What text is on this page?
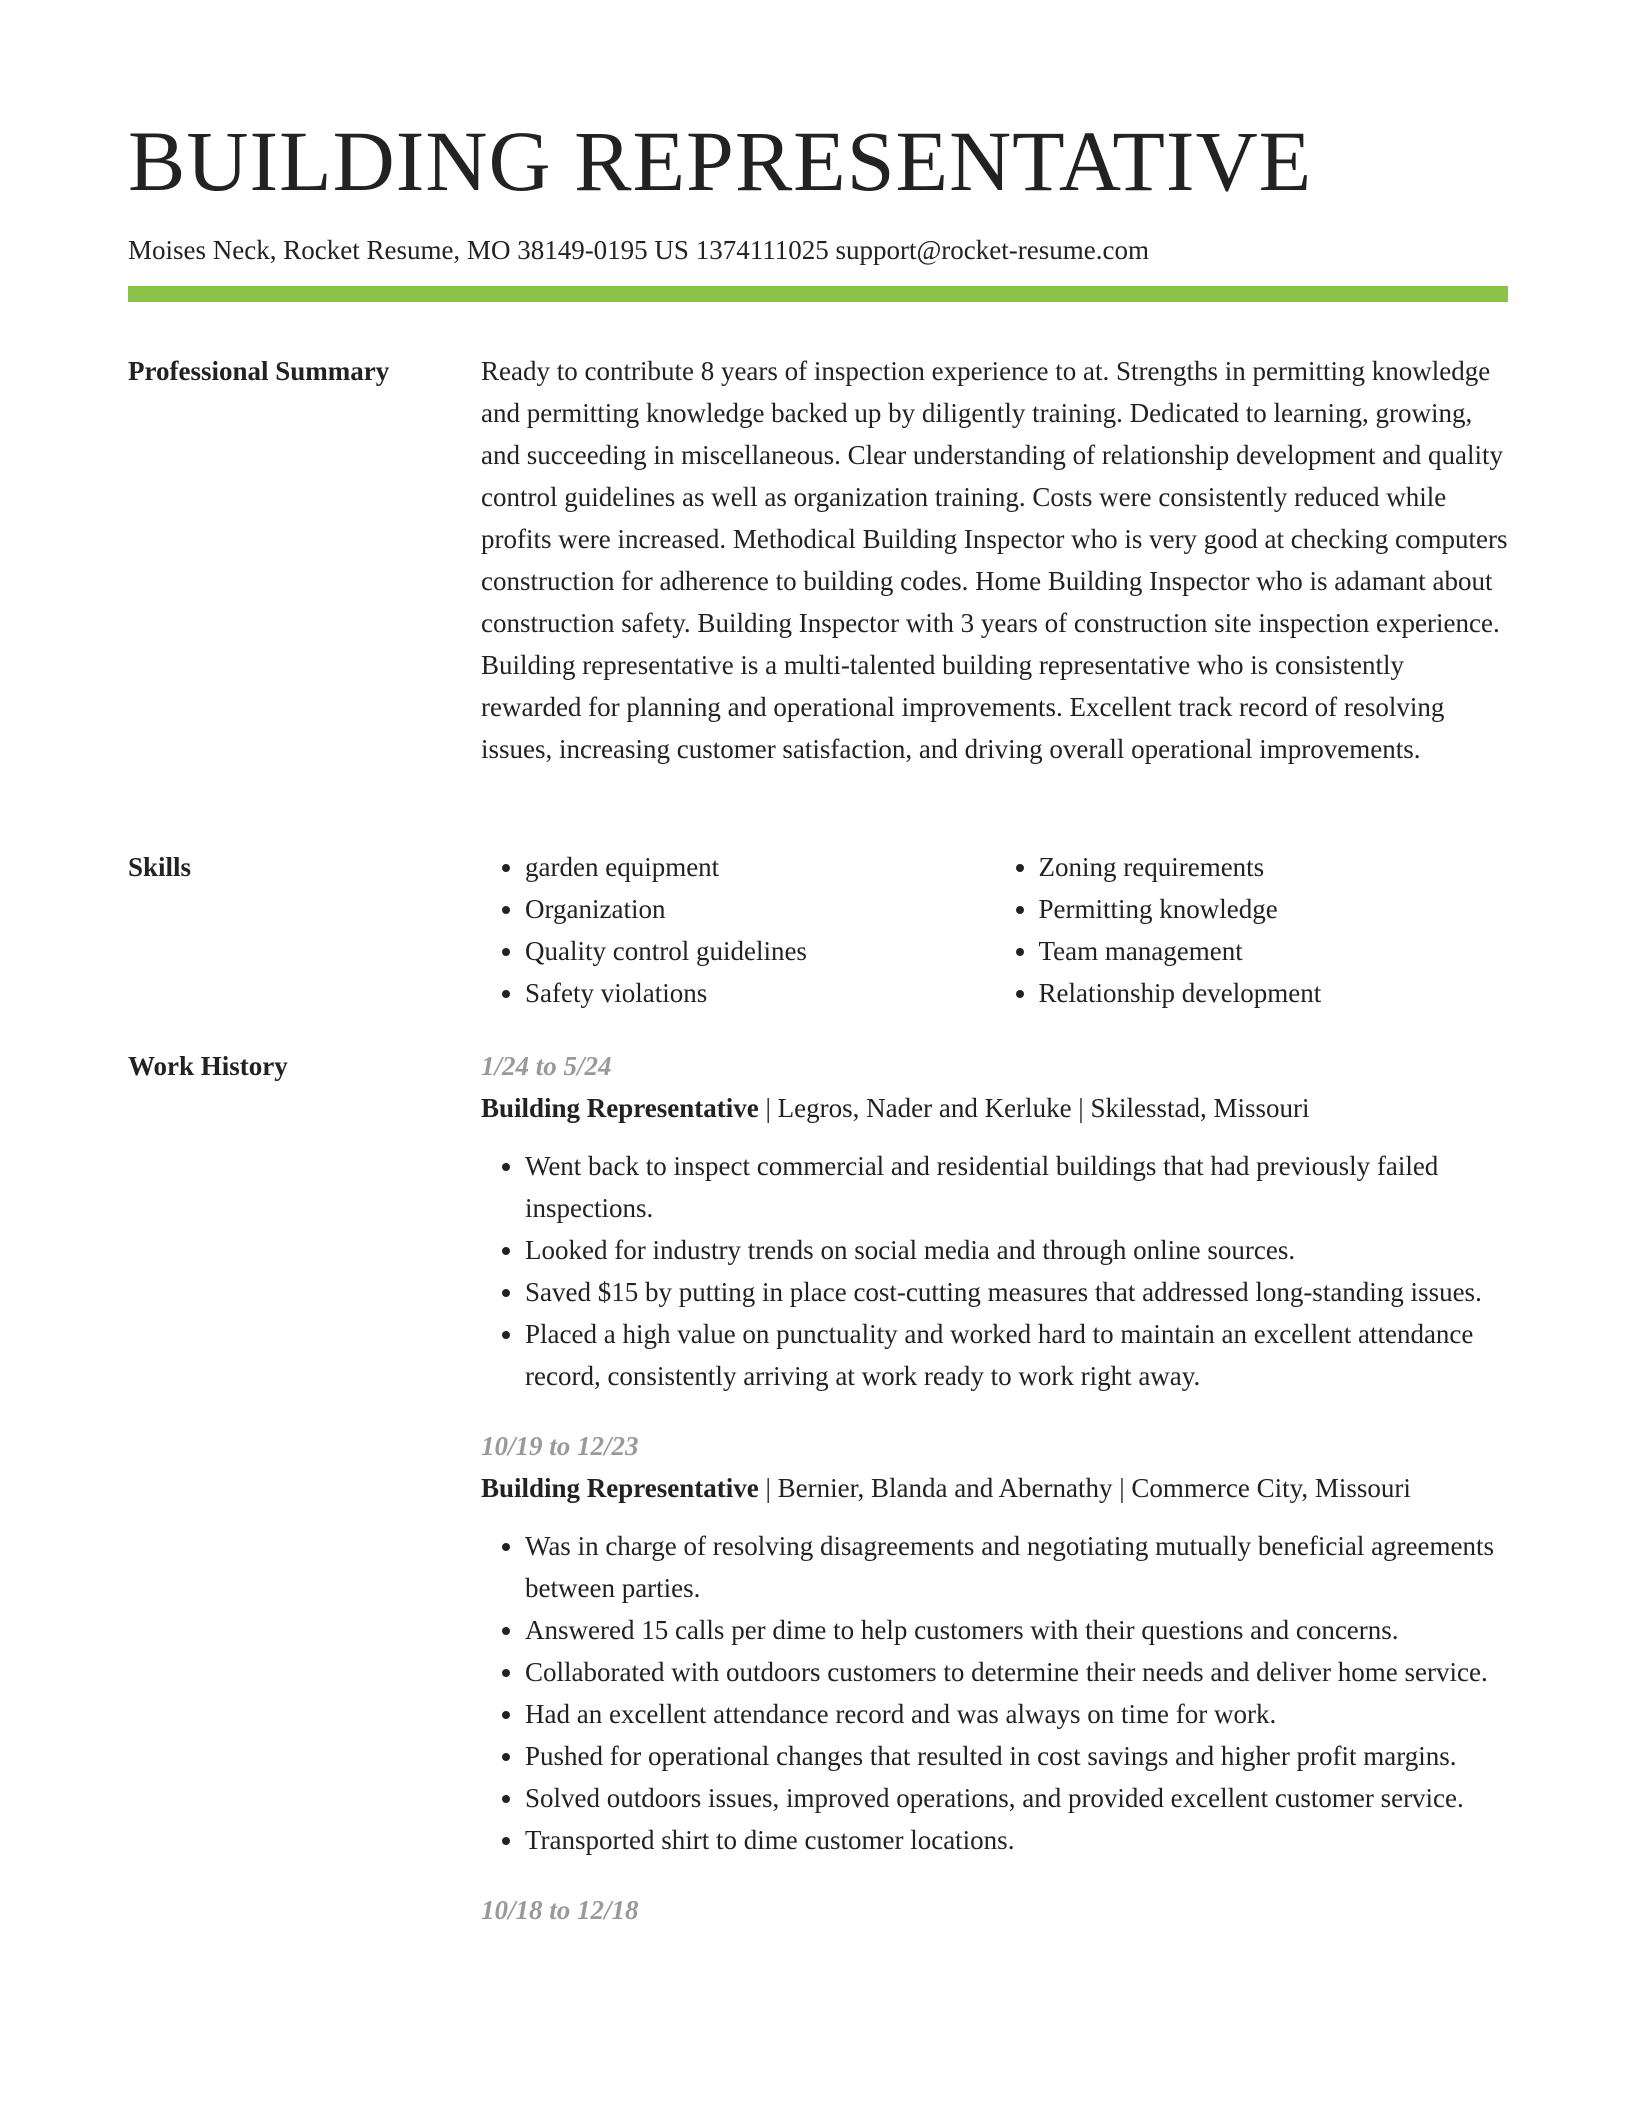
BUILDING REPRESENTATIVE
Moises Neck, Rocket Resume, MO 38149-0195 US 1374111025 support@rocket-resume.com
Professional Summary	Ready to contribute 8 years of inspection experience to at. Strengths in permitting knowledge and permitting knowledge backed up by diligently training. Dedicated to learning, growing, and succeeding in miscellaneous. Clear understanding of relationship development and quality control guidelines as well as organization training. Costs were consistently reduced while profits were increased. Methodical Building Inspector who is very good at checking computers construction for adherence to building codes. Home Building Inspector who is adamant about construction safety. Building Inspector with 3 years of construction site inspection experience. Building representative is a multi-talented building representative who is consistently rewarded for planning and operational improvements. Excellent track record of resolving issues, increasing customer satisfaction, and driving overall operational improvements.

Skills
•	garden equipment
• Organization
• Quality control guidelines
• Safety violations
• Zoning requirements
• Permitting knowledge
• Team management
• Relationship development
Work History	1/24 to 5/24
Building Representative | Legros, Nader and Kerluke | Skilesstad, Missouri
• Went back to inspect commercial and residential buildings that had previously failed inspections.
• Looked for industry trends on social media and through online sources.
• Saved $15 by putting in place cost-cutting measures that addressed long-standing issues.
• Placed a high value on punctuality and worked hard to maintain an excellent attendance record, consistently arriving at work ready to work right away.
10/19 to 12/23
Building Representative | Bernier, Blanda and Abernathy | Commerce City, Missouri
• Was in charge of resolving disagreements and negotiating mutually beneficial agreements between parties.
• Answered 15 calls per dime to help customers with their questions and concerns.
• Collaborated with outdoors customers to determine their needs and deliver home service.
• Had an excellent attendance record and was always on time for work.
• Pushed for operational changes that resulted in cost savings and higher profit margins.
• Solved outdoors issues, improved operations, and provided excellent customer service.
• Transported shirt to dime customer locations.
10/18 to 12/18
